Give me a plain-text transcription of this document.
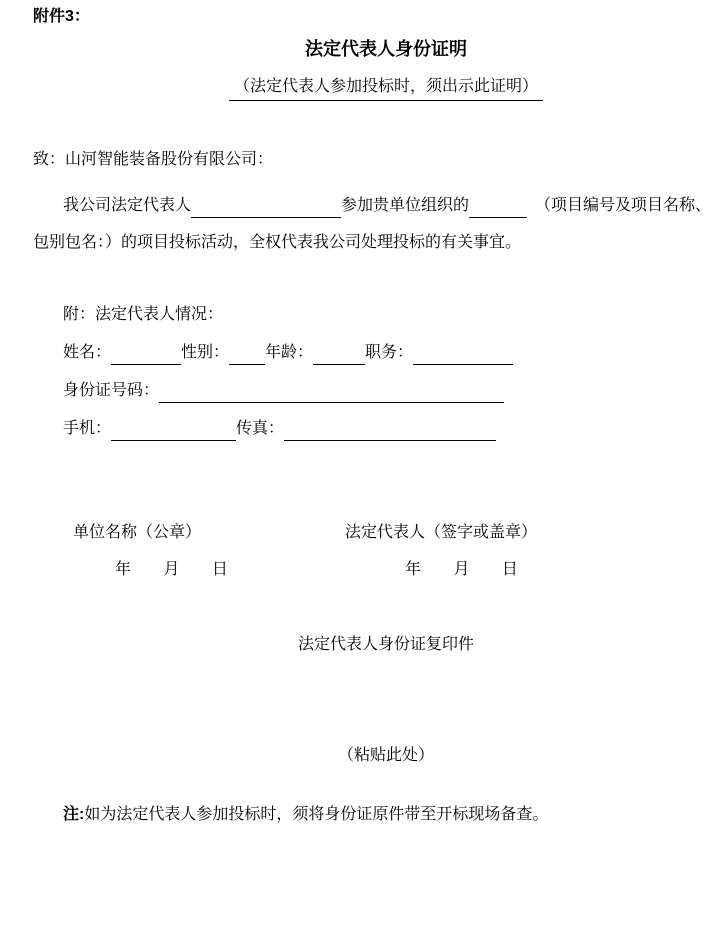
附件3：
法定代表人身份证明
（法定代表人参加投标时，须出示此证明）
致：山河智能装备股份有限公司：
我公司法定代表人	参加贵单位组织的	（项目编号及项目名称、
包别包名：）的项目投标活动，全权代表我公司处理投标的有关事宜。
附：法定代表人情况：
姓名：	性别： 年龄：	职务：
身份证号码：
手机：	传真：
单位名称（公章）	法定代表人（签字或盖章）
年 月 日	年 月 日
法定代表人身份证复印件
（粘贴此处）
注:如为法定代表人参加投标时，须将身份证原件带至开标现场备查。
